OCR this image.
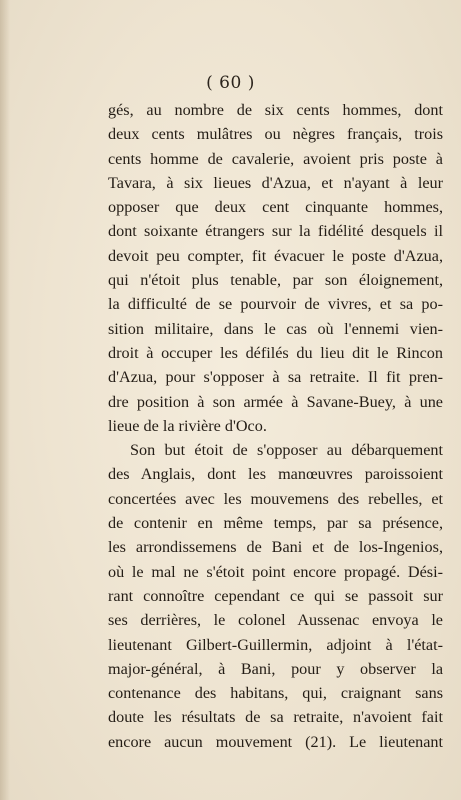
( 60 )
gés, au nombre de six cents hommes, dont
deux cents mulâtres ou nègres français, trois
cents homme de cavalerie, avoient pris poste à
Tavara, à six lieues d'Azua, et n'ayant à leur
opposer que deux cent cinquante hommes,
dont soixante étrangers sur la fidélité desquels il
devoit peu compter, fit évacuer le poste d'Azua,
qui n'étoit plus tenable, par son éloignement,
la difficulté de se pourvoir de vivres, et sa po-
sition militaire, dans le cas où l'ennemi vien-
droit à occuper les défilés du lieu dit le Rincon
d'Azua, pour s'opposer à sa retraite. Il fit pren-
dre position à son armée à Savane-Buey, à une
lieue de la rivière d'Oco.
Son but étoit de s'opposer au débarquement
des Anglais, dont les manœuvres paroissoient
concertées avec les mouvemens des rebelles, et
de contenir en même temps, par sa présence,
les arrondissemens de Bani et de los-Ingenios,
où le mal ne s'étoit point encore propagé. Dési-
rant connoître cependant ce qui se passoit sur
ses derrières, le colonel Aussenac envoya le
lieutenant Gilbert-Guillermin, adjoint à l'état-
major-général, à Bani, pour y observer la
contenance des habitans, qui, craignant sans
doute les résultats de sa retraite, n'avoient fait
encore aucun mouvement (21). Le lieutenant
